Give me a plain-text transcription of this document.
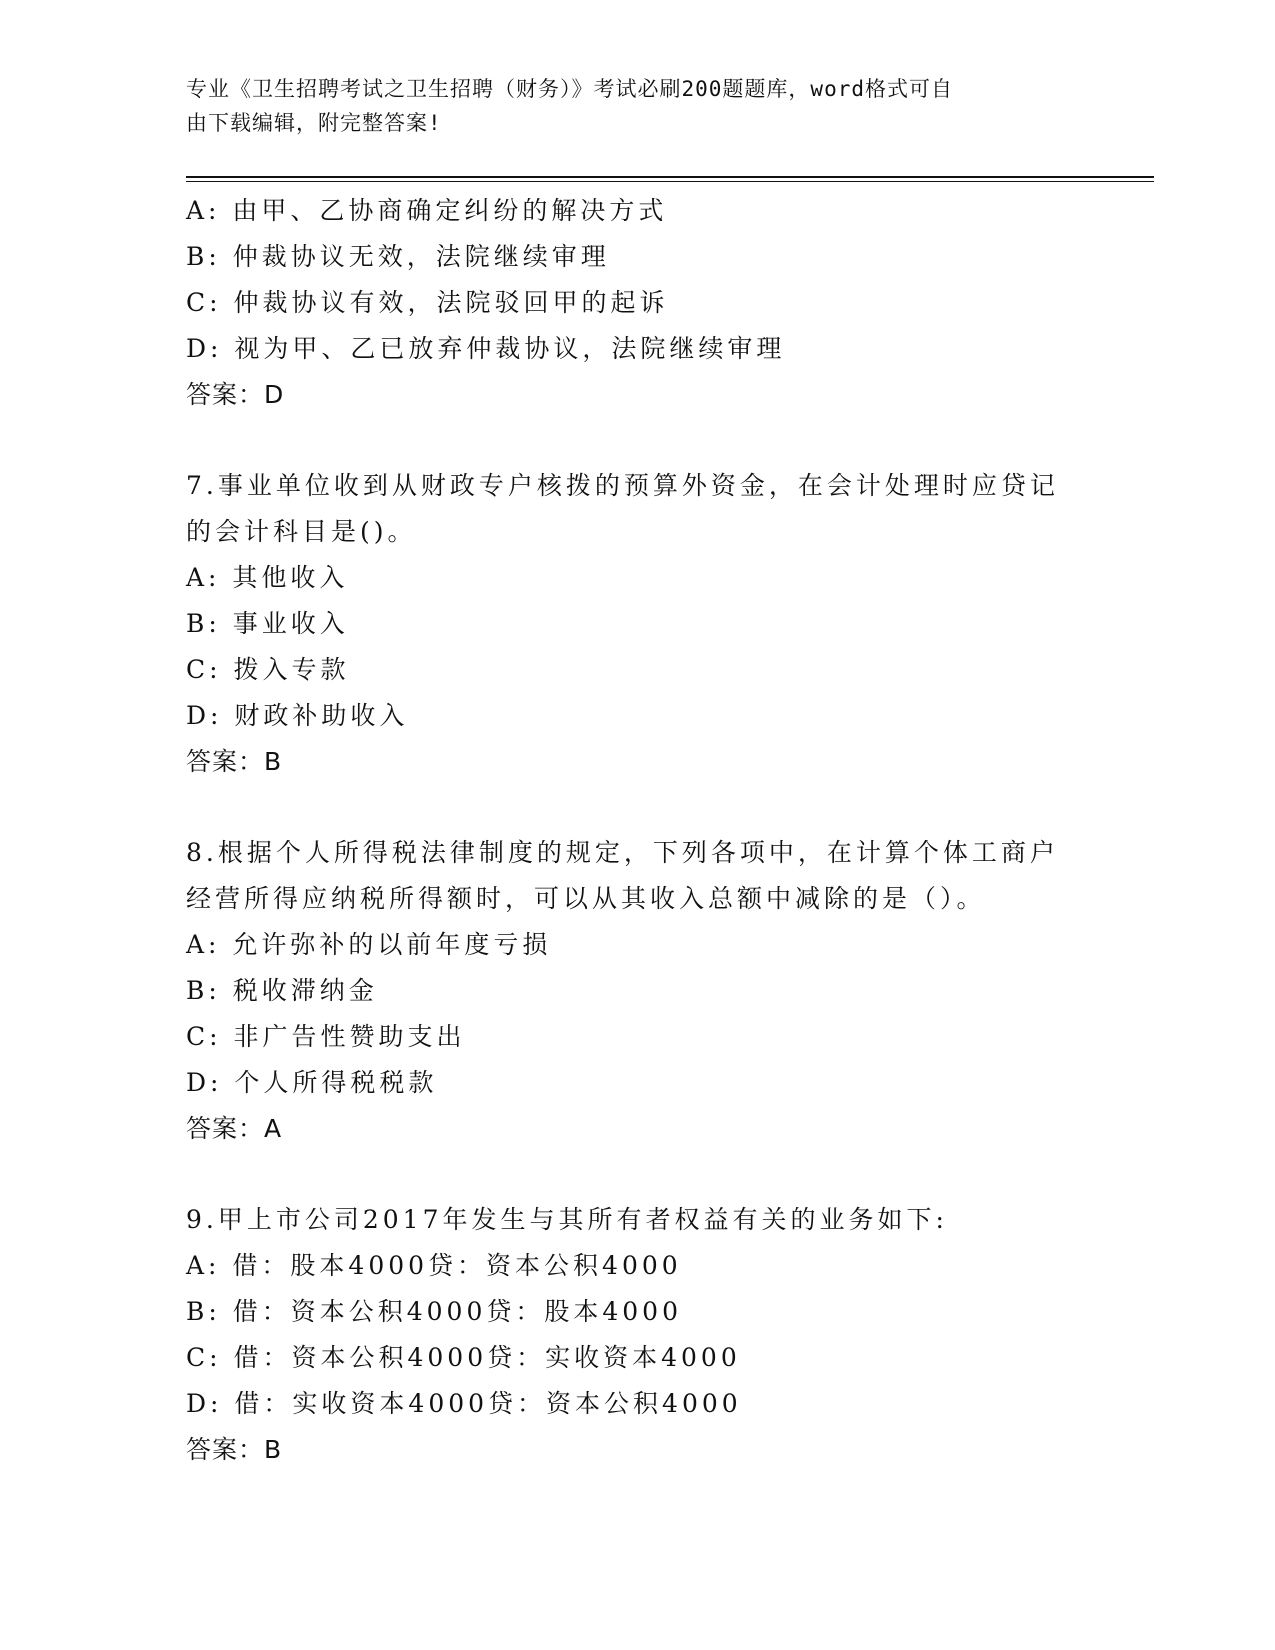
专业《卫生招聘考试之卫生招聘（财务）》考试必刷200题题库，word格式可自
由下载编辑，附完整答案!
A: 由甲、乙协商确定纠纷的解决方式
B: 仲裁协议无效，法院继续审理
C: 仲裁协议有效，法院驳回甲的起诉
D: 视为甲、乙已放弃仲裁协议，法院继续审理
答案：D
7.事业单位收到从财政专户核拨的预算外资金，在会计处理时应贷记
的会计科目是()。
A: 其他收入
B: 事业收入
C: 拨入专款
D: 财政补助收入
答案：B
8.根据个人所得税法律制度的规定，下列各项中，在计算个体工商户
经营所得应纳税所得额时，可以从其收入总额中减除的是（）。
A: 允许弥补的以前年度亏损
B: 税收滞纳金
C: 非广告性赞助支出
D: 个人所得税税款
答案：A
9.甲上市公司2017年发生与其所有者权益有关的业务如下:
A: 借：股本4000贷：资本公积4000
B: 借：资本公积4000贷：股本4000
C: 借：资本公积4000贷：实收资本4000
D: 借：实收资本4000贷：资本公积4000
答案：B
